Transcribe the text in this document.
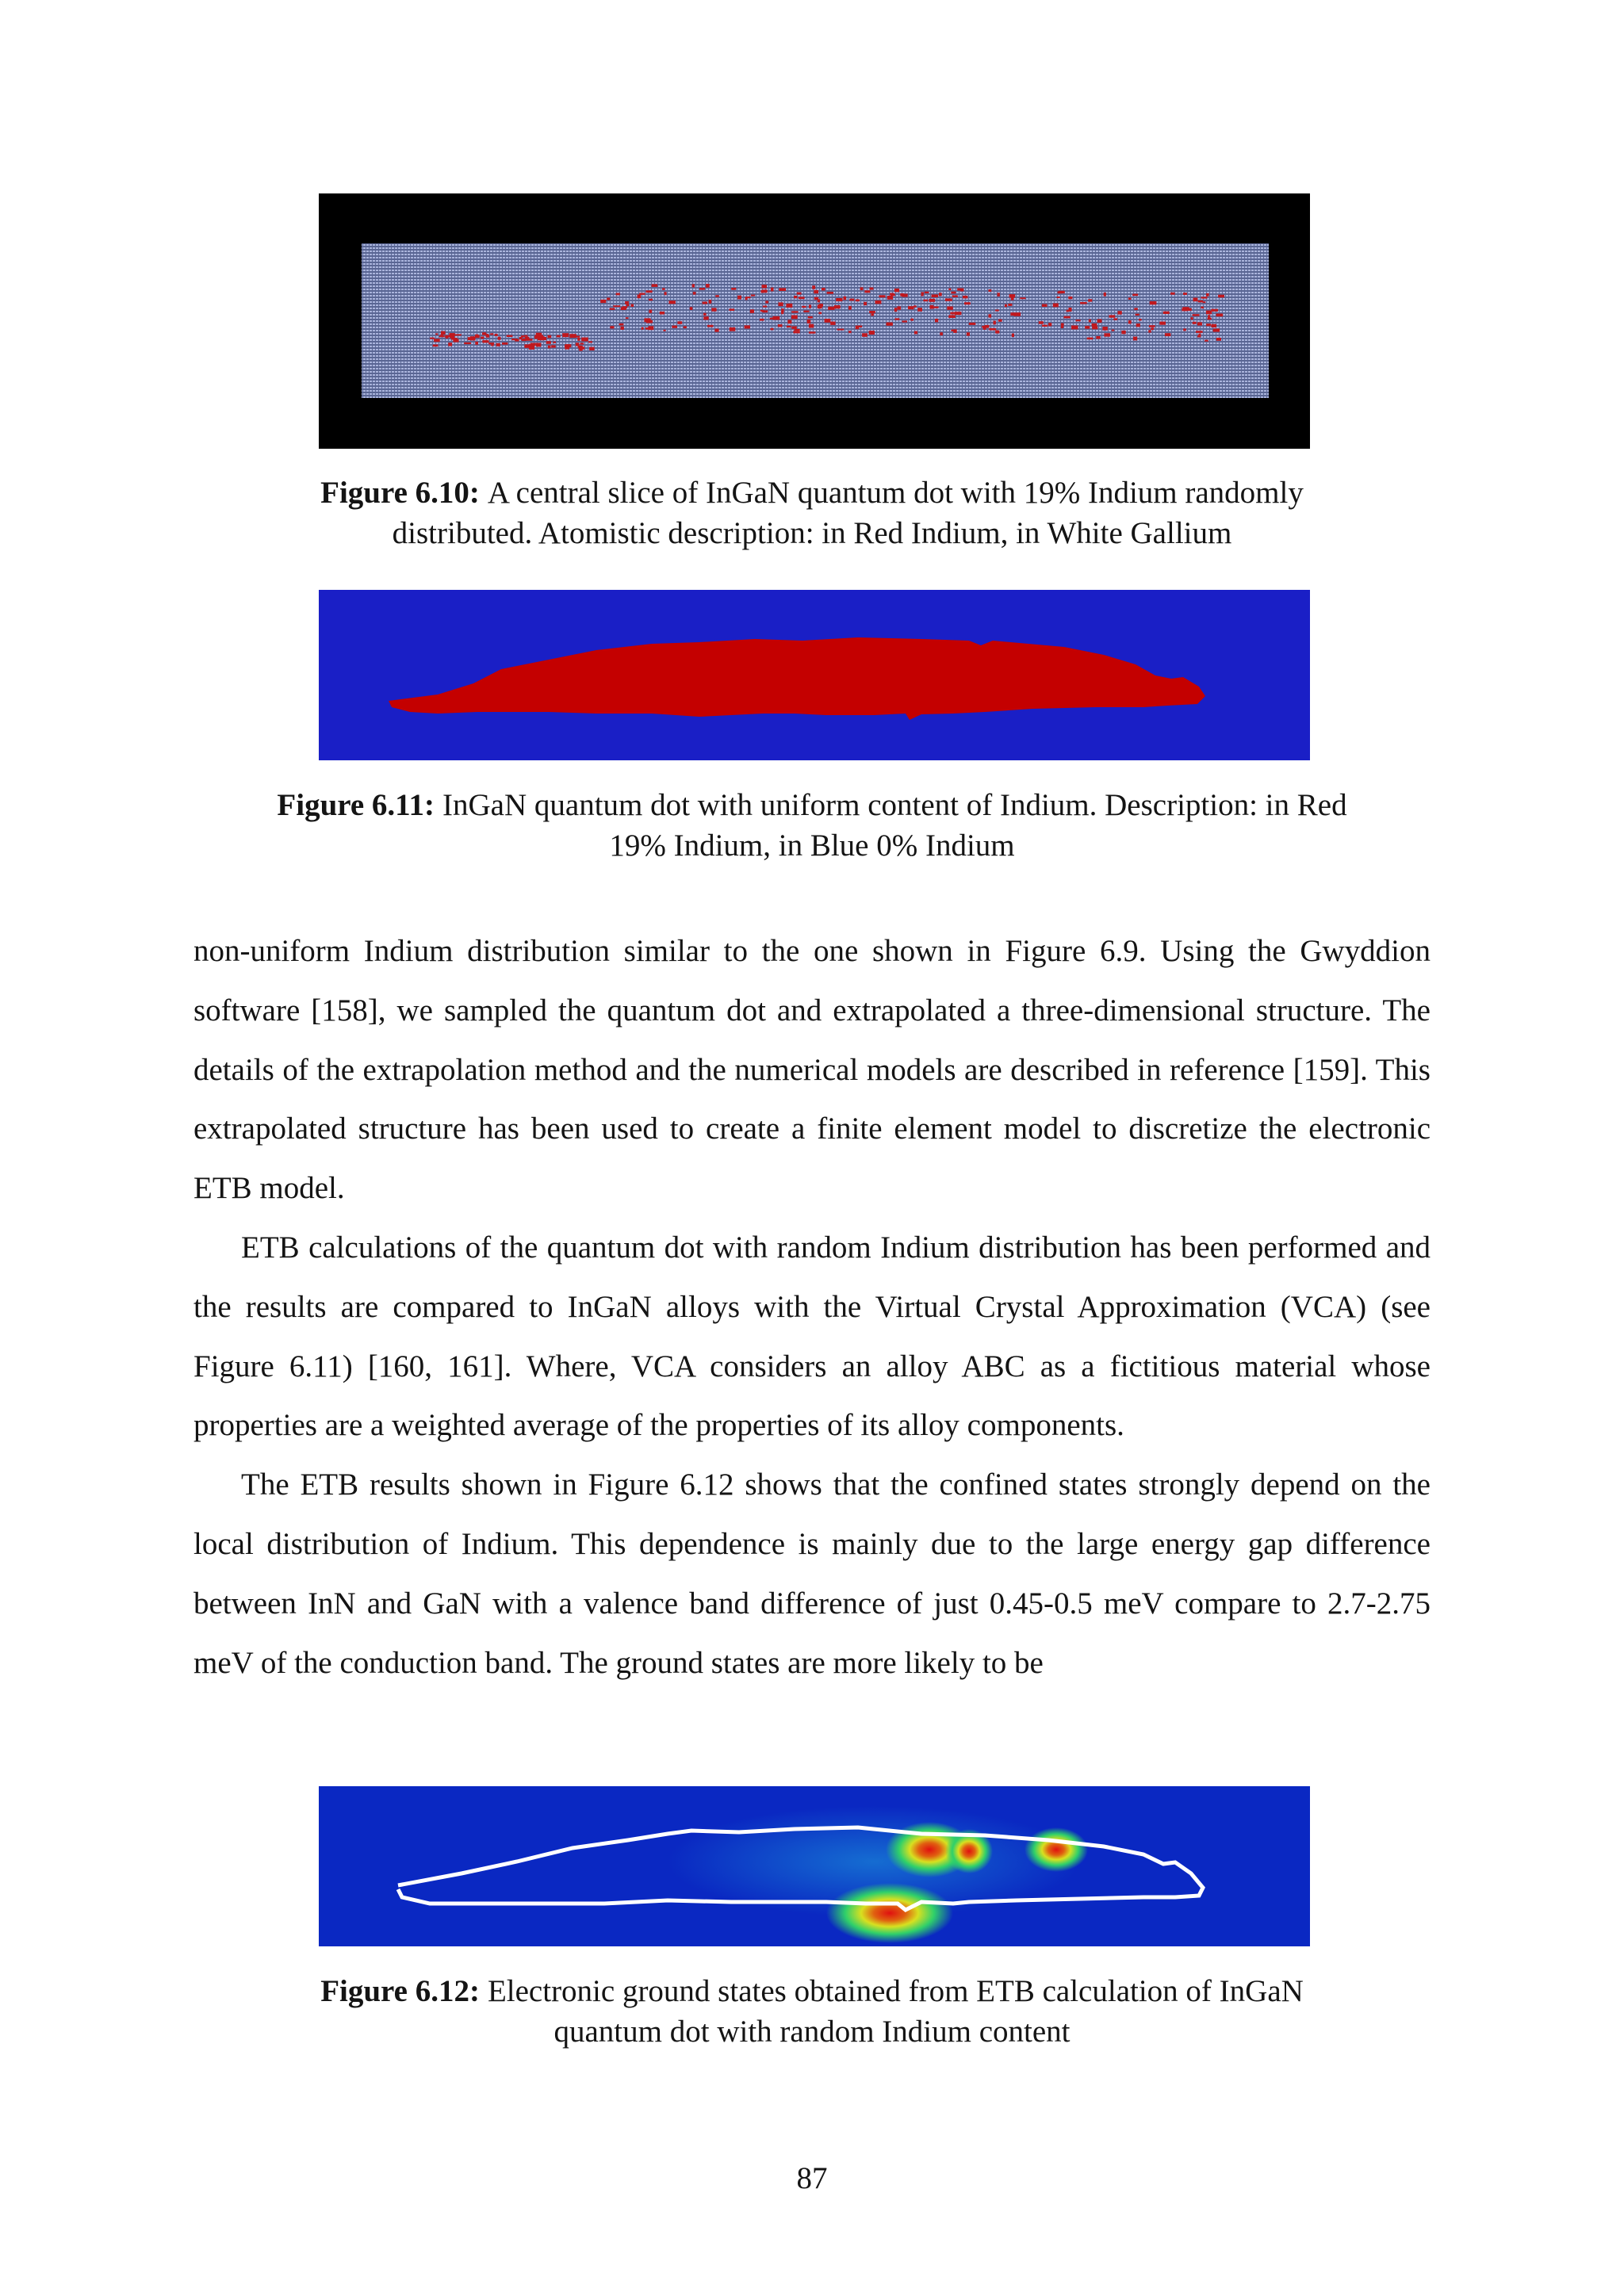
Figure 6.10: A central slice of InGaN quantum dot with 19% Indium randomly
distributed. Atomistic description: in Red Indium, in White Gallium
Figure 6.11: InGaN quantum dot with uniform content of Indium. Description: in Red
19% Indium, in Blue 0% Indium

non-uniform Indium distribution similar to the one shown in Figure 6.9. Using the Gwyddion software [158], we sampled the quantum dot and extrapolated a three-dimensional structure. The details of the extrapolation method and the numerical models are described in reference [159]. This extrapolated structure has been used to create a finite element model to discretize the electronic ETB model.

ETB calculations of the quantum dot with random Indium distribution has been performed and the results are compared to InGaN alloys with the Virtual Crystal Approximation (VCA) (see Figure 6.11) [160, 161]. Where, VCA considers an alloy ABC as a fictitious material whose properties are a weighted average of the properties of its alloy components.

The ETB results shown in Figure 6.12 shows that the confined states strongly depend on the local distribution of Indium. This dependence is mainly due to the large energy gap difference between InN and GaN with a valence band difference of just 0.45-0.5 meV compare to 2.7-2.75 meV of the conduction band. The ground states are more likely to be

Figure 6.12: Electronic ground states obtained from ETB calculation of InGaN
quantum dot with random Indium content
87
